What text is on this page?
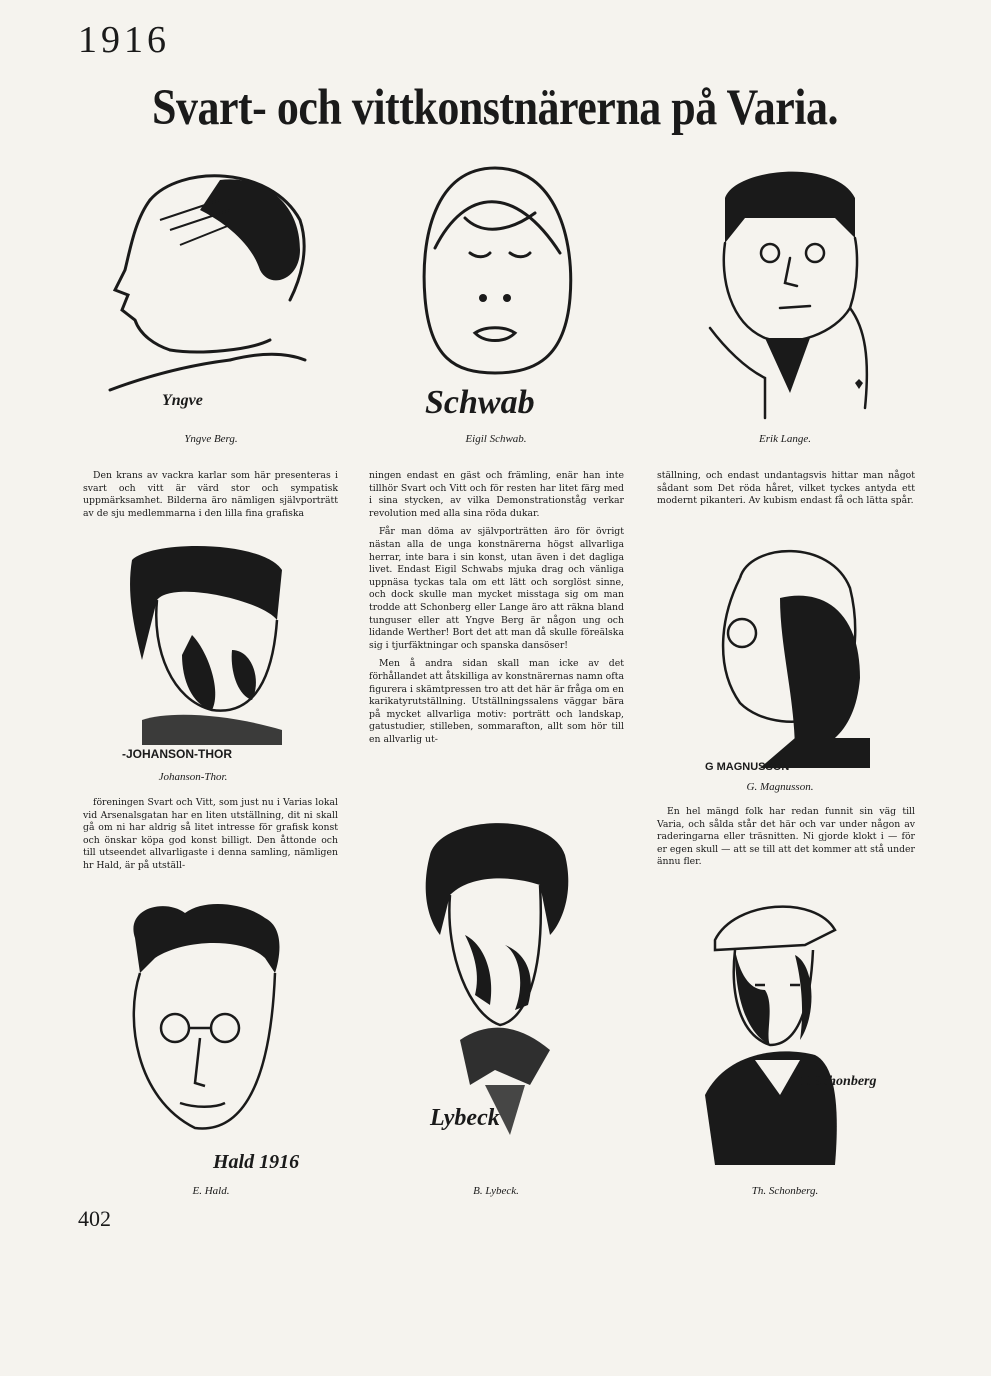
1916
Svart- och vittkonstnärerna på Varia.
Yngve
Yngve Berg.
Schwab
Eigil Schwab.	Erik Lange.

Den krans av vackra karlar som här presenteras i svart och vitt är värd stor och sympatisk uppmärksamhet. Bilderna äro nämligen självporträtt av de sju medlemmarna i den lilla fina grafiska

-JOHANSON-THOR
Johanson-Thor.

föreningen Svart och Vitt, som just nu i Varias lokal vid Arsenalsgatan har en liten utställning, dit ni skall gå om ni har aldrig så litet intresse för grafisk konst och önskar köpa god konst billigt. Den åttonde och till utseendet allvarligaste i denna samling, nämligen hr Hald, är på utställ-

ningen endast en gäst och främling, enär han inte tillhör Svart och Vitt och för resten har litet färg med i sina stycken, av vilka Demonstrationståg verkar revolution med alla sina röda dukar.

Får man döma av självporträtten äro för övrigt nästan alla de unga konstnärerna högst allvarliga herrar, inte bara i sin konst, utan även i det dagliga livet. Endast Eigil Schwabs mjuka drag och vänliga uppnäsa tyckas tala om ett lätt och sorglöst sinne, och dock skulle man mycket misstaga sig om man trodde att Schonberg eller Lange äro att räkna bland tunguser eller att Yngve Berg är någon ung och lidande Werther! Bort det att man då skulle föreälska sig i tjurfäktningar och spanska dansöser!

Men å andra sidan skall man icke av det förhållandet att åtskilliga av konstnärernas namn ofta figurera i skämtpressen tro att det här är fråga om en karikatyrutställning. Utställningssalens väggar bära på mycket allvarliga motiv: porträtt och landskap, gatustudier, stilleben, sommarafton, allt som hör till en allvarlig ut-

ställning, och endast undantagsvis hittar man något sådant som Det röda håret, vilket tyckes antyda ett modernt pikanteri. Av kubism endast få och lätta spår.

G MAGNUSSON
G. Magnusson.

En hel mängd folk har redan funnit sin väg till Varia, och sålda står det här och var under någon av raderingarna eller träsnitten. Ni gjorde klokt i — för er egen skull — att se till att det kommer att stå under ännu fler.

Hald 1916
E. Hald.
Lybeck
B. Lybeck.
T. Schonberg
Th. Schonberg.
402
